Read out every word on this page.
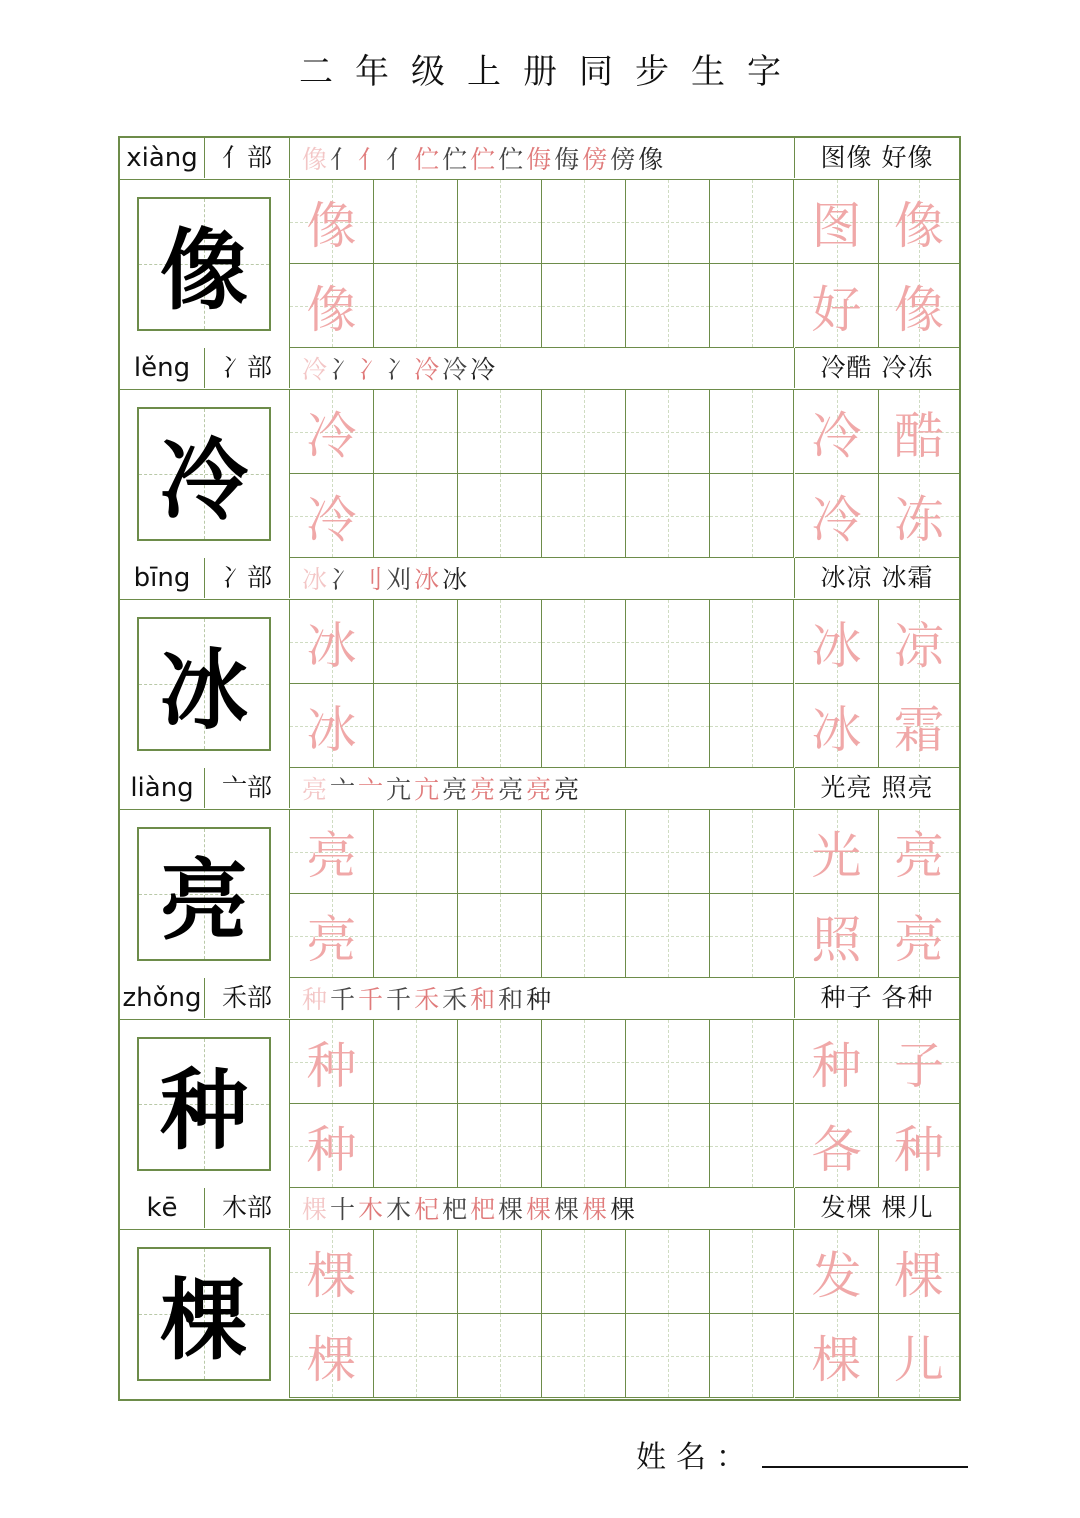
二年级上册同步生字
xiàng 亻部	像 亻 亻 亻 伫 伫 伫 伫 侮 侮 傍 傍 像	图像 好像
像 像	图 像
像	好 像
lěng	冫部	冷 冫 冫 冫 冷 冷 冷	冷酷 冷冻
冷 冷	冷 酷
冷	冷 冻
bīng	冫部	冰 冫 刂 刈 冰 冰	冰凉 冰霜
冰 冰	冰 凉
冰	冰 霜
liàng	亠部	亮 亠 亠 亢 亢 亮 亮 亮 亮 亮	光亮 照亮
亮 亮	光 亮
亮	照 亮
zhǒng 禾部	种 千 千 千 禾 禾 和 和 种	种子 各种
种 种	种 子
种	各 种
kē	木部	棵 十 木 木 杞 杷 杷 棵 棵 棵 棵 棵	发棵 棵儿
棵 棵	发 棵
棵	棵 儿
姓名：
